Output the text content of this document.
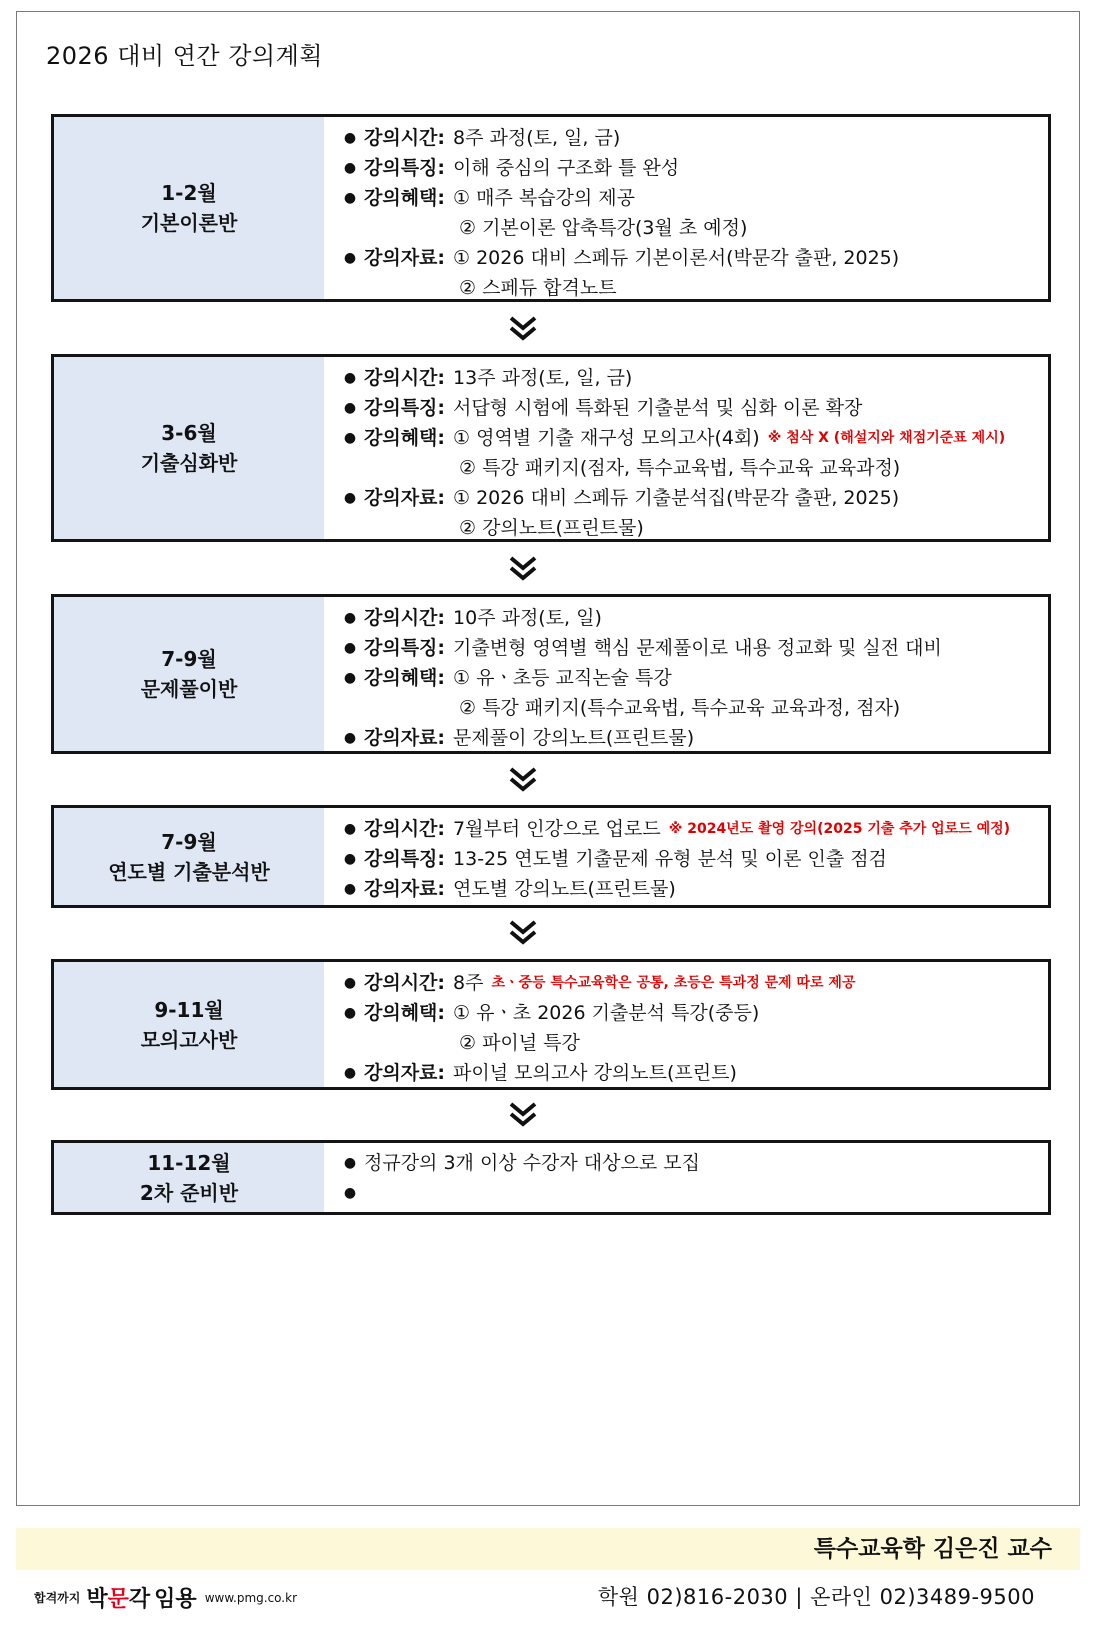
2026 대비 연간 강의계획
1-2월
기본이론반
● 강의시간: 8주 과정(토, 일, 금)
● 강의특징: 이해 중심의 구조화 틀 완성
● 강의혜택: ① 매주 복습강의 제공
② 기본이론 압축특강(3월 초 예정)
● 강의자료: ① 2026 대비 스페듀 기본이론서(박문각 출판, 2025)
② 스페듀 합격노트
3-6월
기출심화반
● 강의시간: 13주 과정(토, 일, 금)
● 강의특징: 서답형 시험에 특화된 기출분석 및 심화 이론 확장
● 강의혜택: ① 영역별 기출 재구성 모의고사(4회) ※ 첨삭 X (해설지와 채점기준표 제시)
② 특강 패키지(점자, 특수교육법, 특수교육 교육과정)
● 강의자료: ① 2026 대비 스페듀 기출분석집(박문각 출판, 2025)
② 강의노트(프린트물)
7-9월
문제풀이반
● 강의시간: 10주 과정(토, 일)
● 강의특징: 기출변형 영역별 핵심 문제풀이로 내용 정교화 및 실전 대비
● 강의혜택: ① 유ㆍ초등 교직논술 특강
② 특강 패키지(특수교육법, 특수교육 교육과정, 점자)
● 강의자료: 문제풀이 강의노트(프린트물)
7-9월
연도별 기출분석반
● 강의시간: 7월부터 인강으로 업로드 ※ 2024년도 촬영 강의(2025 기출 추가 업로드 예정)
● 강의특징: 13-25 연도별 기출문제 유형 분석 및 이론 인출 점검
● 강의자료: 연도별 강의노트(프린트물)
9-11월
모의고사반
● 강의시간: 8주 초ㆍ중등 특수교육학은 공통, 초등은 특과정 문제 따로 제공
● 강의혜택: ① 유ㆍ초 2026 기출분석 특강(중등)
② 파이널 특강
● 강의자료: 파이널 모의고사 강의노트(프린트)
11-12월
2차 준비반
● 정규강의 3개 이상 수강자 대상으로 모집
●
특수교육학 김은진 교수
합격까지 박문각 임용 www.pmg.co.kr	학원 02)816-2030 | 온라인 02)3489-9500
